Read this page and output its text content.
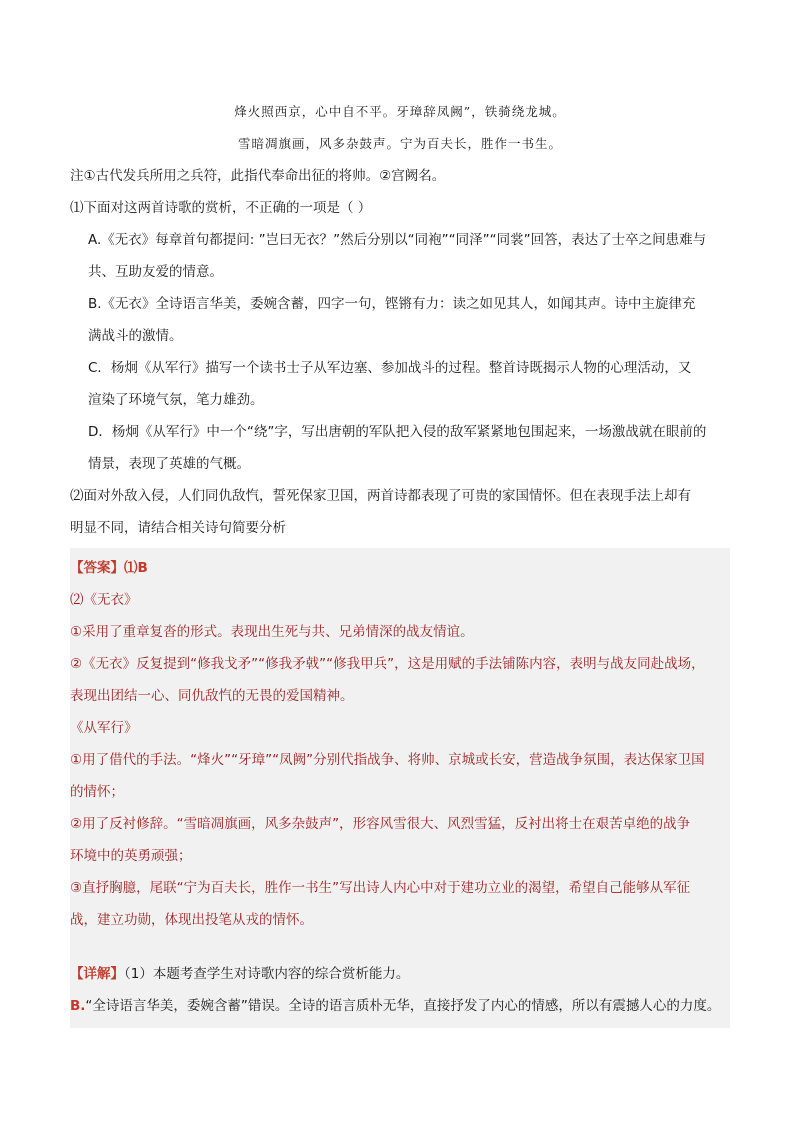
烽火照西京，心中自不平。牙璋辞凤阙”，铁骑绕龙城。

雪暗凋旗画，风多杂鼓声。宁为百夫长，胜作一书生。

注①古代发兵所用之兵符，此指代奉命出征的将帅。②宫阙名。

⑴下面对这两首诗歌的赏析，不正确的一项是（ ）

A.《无衣》每章首句都提问: ”岂曰无衣？”然后分别以“同袍”“同泽”“同裳”回答，表达了士卒之间患难与

共、互助友爱的情意。

B.《无衣》全诗语言华美，委婉含蓄，四字一句，铿锵有力：读之如见其人，如闻其声。诗中主旋律充

满战斗的激情。

C．杨炯《从军行》描写一个读书士子从军边塞、参加战斗的过程。整首诗既揭示人物的心理活动，又

渲染了环境气氛，笔力雄劲。

D．杨炯《从军行》中一个“绕”字，写出唐朝的军队把入侵的敌军紧紧地包围起来，一场激战就在眼前的

情景，表现了英雄的气概。

⑵面对外敌入侵，人们同仇敌忾，誓死保家卫国，两首诗都表现了可贵的家国情怀。但在表现手法上却有

明显不同，请结合相关诗句简要分析

【答案】⑴B

⑵《无衣》

①采用了重章复沓的形式。表现出生死与共、兄弟情深的战友情谊。

②《无衣》反复提到“修我戈矛”“修我矛戟”“修我甲兵”，这是用赋的手法铺陈内容，表明与战友同赴战场，

表现出团结一心、同仇敌忾的无畏的爱国精神。

《从军行》

①用了借代的手法。“烽火”“牙璋”“凤阙”分别代指战争、将帅、京城或长安，营造战争氛围，表达保家卫国

的情怀；

②用了反衬修辞。“雪暗凋旗画，风多杂鼓声”，形容风雪很大、风烈雪猛，反衬出将士在艰苦卓绝的战争

环境中的英勇顽强；

③直抒胸臆，尾联“宁为百夫长，胜作一书生”写出诗人内心中对于建功立业的渴望，希望自己能够从军征

战，建立功勋，体现出投笔从戎的情怀。

【详解】（1）本题考查学生对诗歌内容的综合赏析能力。

B.“全诗语言华美，委婉含蓄”错误。全诗的语言质朴无华，直接抒发了内心的情感，所以有震撼人心的力度。
